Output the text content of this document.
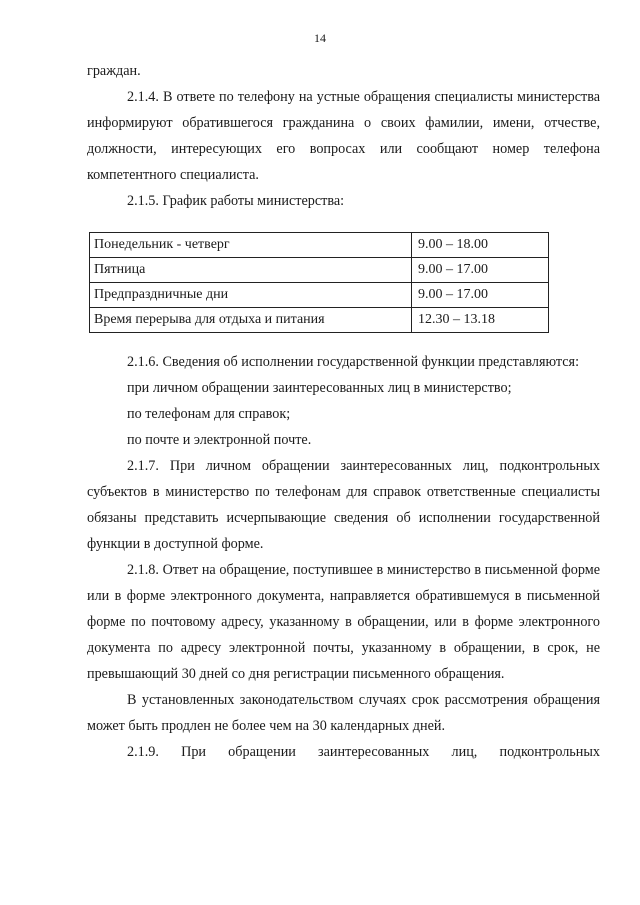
14

граждан.

2.1.4. В ответе по телефону на устные обращения специалисты министерства информируют обратившегося гражданина о своих фамилии, имени, отчестве, должности, интересующих его вопросах или сообщают номер телефона компетентного специалиста.

2.1.5. График работы министерства:

Понедельник - четверг	9.00 – 18.00
Пятница	9.00 – 17.00
Предпраздничные дни	9.00 – 17.00
Время перерыва для отдыха и питания	12.30 – 13.18

2.1.6. Сведения об исполнении государственной функции представляются:

при личном обращении заинтересованных лиц в министерство;

по телефонам для справок;

по почте и электронной почте.

2.1.7. При личном обращении заинтересованных лиц, подконтрольных субъектов в министерство по телефонам для справок ответственные специалисты обязаны представить исчерпывающие сведения об исполнении государственной функции в доступной форме.

2.1.8. Ответ на обращение, поступившее в министерство в письменной форме или в форме электронного документа, направляется обратившемуся в письменной форме по почтовому адресу, указанному в обращении, или в форме электронного документа по адресу электронной почты, указанному в обращении, в срок, не превышающий 30 дней со дня регистрации письменного обращения.

В установленных законодательством случаях срок рассмотрения обращения может быть продлен не более чем на 30 календарных дней.

2.1.9. При обращении заинтересованных лиц, подконтрольных
